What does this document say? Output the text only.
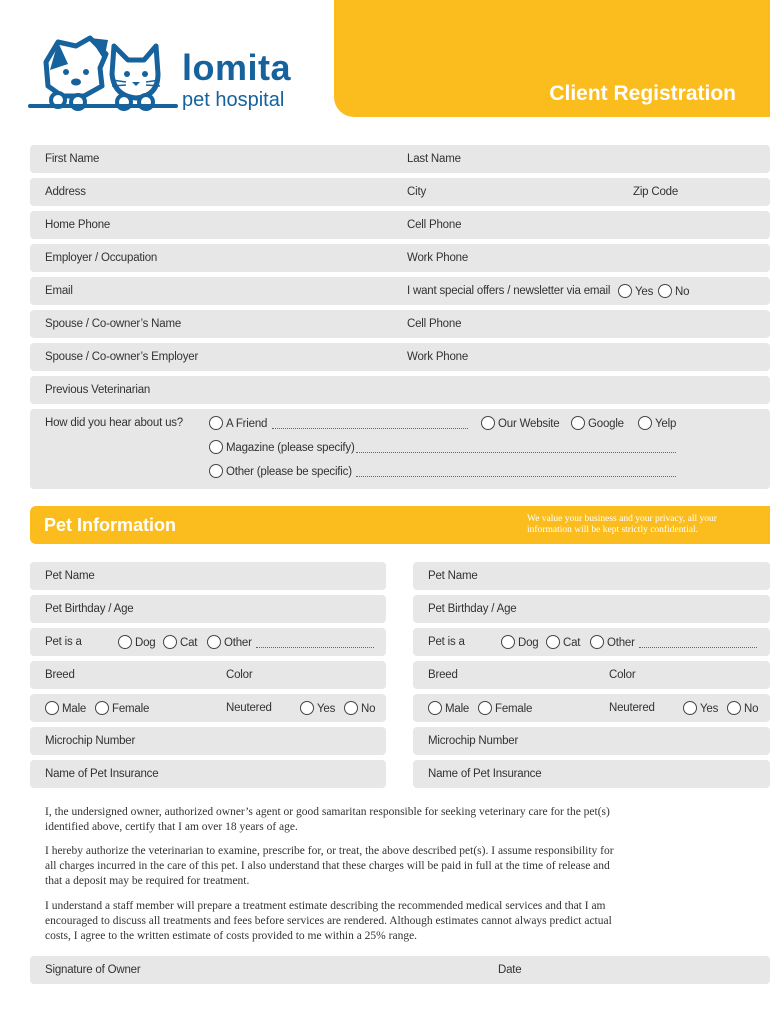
lomita
pet hospital	Client Registration
First Name	Last Name
Address	City	Zip Code
Home Phone	Cell Phone
Employer / Occupation	Work Phone
Email	I want special offers / newsletter via email	Yes	No
Spouse / Co-owner’s Name	Cell Phone
Spouse / Co-owner’s Employer	Work Phone
Previous Veterinarian
How did you hear about us?	A Friend	Our Website	Google	Yelp
Magazine (please specify)
Other (please be specific)
Pet Information	We value your business and your privacy, all your information will be kept strictly confidential.
Pet Name
Pet Birthday / Age
Pet is a	Dog	Cat	Other
Breed	Color
Male	Female	Neutered	Yes	No
Microchip Number
Name of Pet Insurance
Pet Name
Pet Birthday / Age
Pet is a	Dog	Cat	Other
Breed	Color
Male	Female	Neutered	Yes	No
Microchip Number
Name of Pet Insurance
I, the undersigned owner, authorized owner’s agent or good samaritan responsible for seeking veterinary care for the pet(s) identified above, certify that I am over 18 years of age.
I hereby authorize the veterinarian to examine, prescribe for, or treat, the above described pet(s). I assume responsibility for all charges incurred in the care of this pet. I also understand that these charges will be paid in full at the time of release and that a deposit may be required for treatment.
I understand a staff member will prepare a treatment estimate describing the recommended medical services and that I am encouraged to discuss all treatments and fees before services are rendered. Although estimates cannot always predict actual costs, I agree to the written estimate of costs provided to me within a 25% range.
Signature of Owner	Date
